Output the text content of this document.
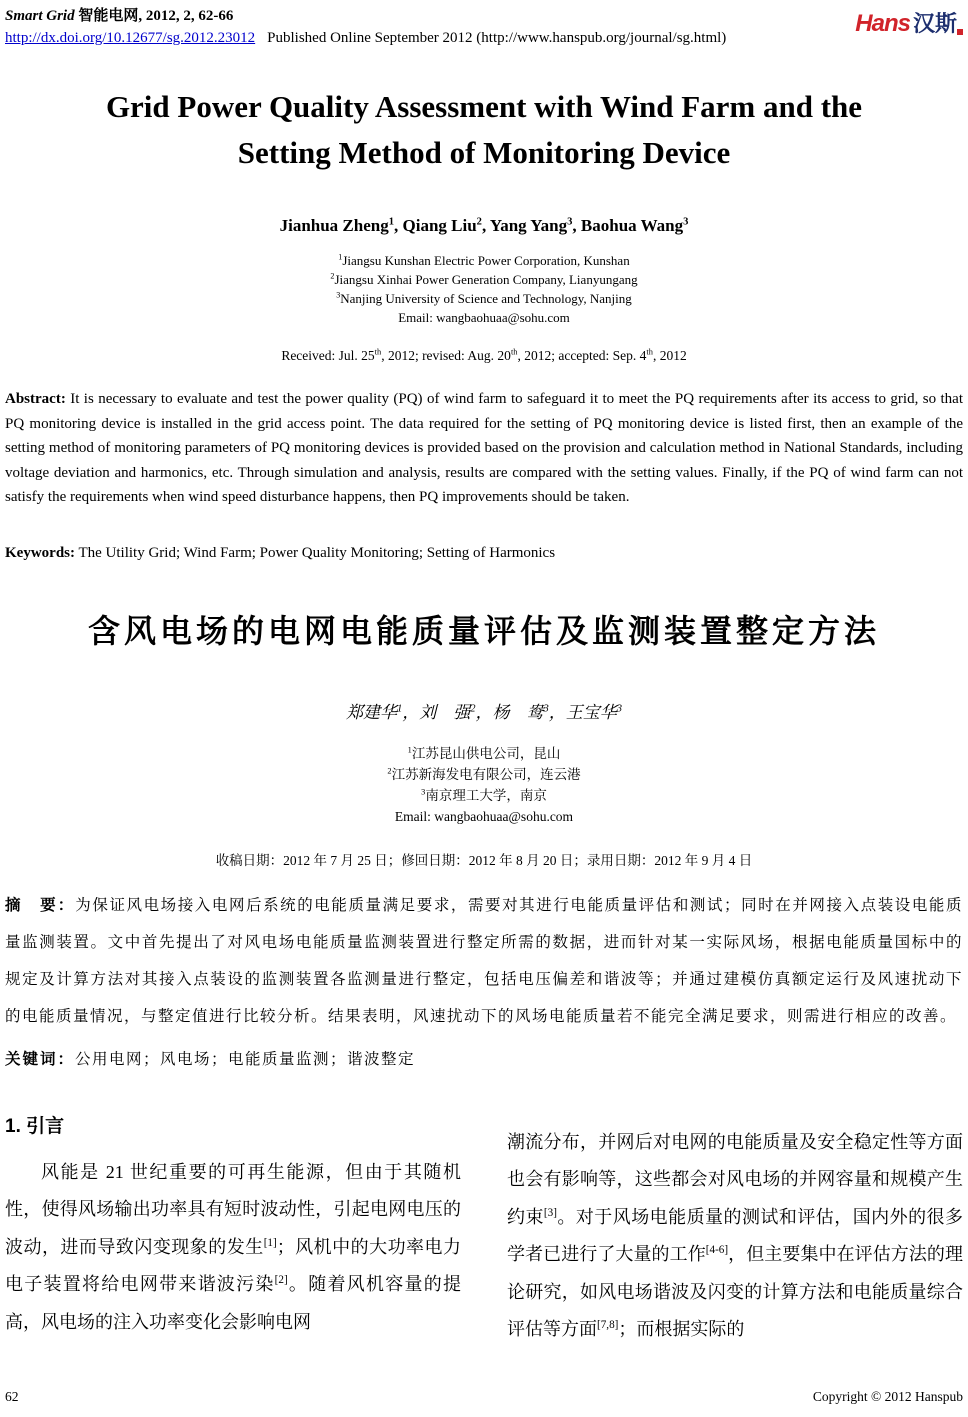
Smart Grid 智能电网, 2012, 2, 62-66
http://dx.doi.org/10.12677/sg.2012.23012 Published Online September 2012 (http://www.hanspub.org/journal/sg.html)
Hans 汉斯
Grid Power Quality Assessment with Wind Farm and the
Setting Method of Monitoring Device
Jianhua Zheng$^1$, Qiang Liu$^2$, Yang Yang$^3$, Baohua Wang$^3$
$^1$Jiangsu Kunshan Electric Power Corporation, Kunshan
$^2$Jiangsu Xinhai Power Generation Company, Lianyungang
$^3$Nanjing University of Science and Technology, Nanjing
Email: wangbaohuaa@sohu.com
Received: Jul. 25th, 2012; revised: Aug. 20th, 2012; accepted: Sep. 4th, 2012
Abstract: It is necessary to evaluate and test the power quality (PQ) of wind farm to safeguard it to meet the PQ requirements after its access to grid, so that PQ monitoring device is installed in the grid access point. The data required for the setting of PQ monitoring device is listed first, then an example of the setting method of monitoring parameters of PQ monitoring devices is provided based on the provision and calculation method in National Standards, including voltage deviation and harmonics, etc. Through simulation and analysis, results are compared with the setting values. Finally, if the PQ of wind farm can not satisfy the requirements when wind speed disturbance happens, then PQ improvements should be taken.
Keywords: The Utility Grid; Wind Farm; Power Quality Monitoring; Setting of Harmonics
含风电场的电网电能质量评估及监测装置整定方法
郑建华$^1$，刘　强$^2$，杨　鸯$^3$，王宝华$^3$
$^1$江苏昆山供电公司，昆山
$^2$江苏新海发电有限公司，连云港
$^3$南京理工大学，南京
Email: wangbaohuaa@sohu.com
收稿日期：2012 年 7 月 25 日；修回日期：2012 年 8 月 20 日；录用日期：2012 年 9 月 4 日
摘　要：为保证风电场接入电网后系统的电能质量满足要求，需要对其进行电能质量评估和测试；同时在并网接入点装设电能质量监测装置。文中首先提出了对风电场电能质量监测装置进行整定所需的数据，进而针对某一实际风场，根据电能质量国标中的规定及计算方法对其接入点装设的监测装置各监测量进行整定，包括电压偏差和谐波等；并通过建模仿真额定运行及风速扰动下的电能质量情况，与整定值进行比较分析。结果表明，风速扰动下的风场电能质量若不能完全满足要求，则需进行相应的改善。
关键词：公用电网；风电场；电能质量监测；谐波整定
1. 引言
风能是 21 世纪重要的可再生能源，但由于其随机性，使得风场输出功率具有短时波动性，引起电网电压的波动，进而导致闪变现象的发生[1]；风机中的大功率电力电子装置将给电网带来谐波污染[2]。随着风机容量的提高，风电场的注入功率变化会影响电网
潮流分布，并网后对电网的电能质量及安全稳定性等方面也会有影响等，这些都会对风电场的并网容量和规模产生约束[3]。对于风场电能质量的测试和评估，国内外的很多学者已进行了大量的工作[4-6]，但主要集中在评估方法的理论研究，如风电场谐波及闪变的计算方法和电能质量综合评估等方面[7,8]；而根据实际的
62	Copyright © 2012 Hanspub
